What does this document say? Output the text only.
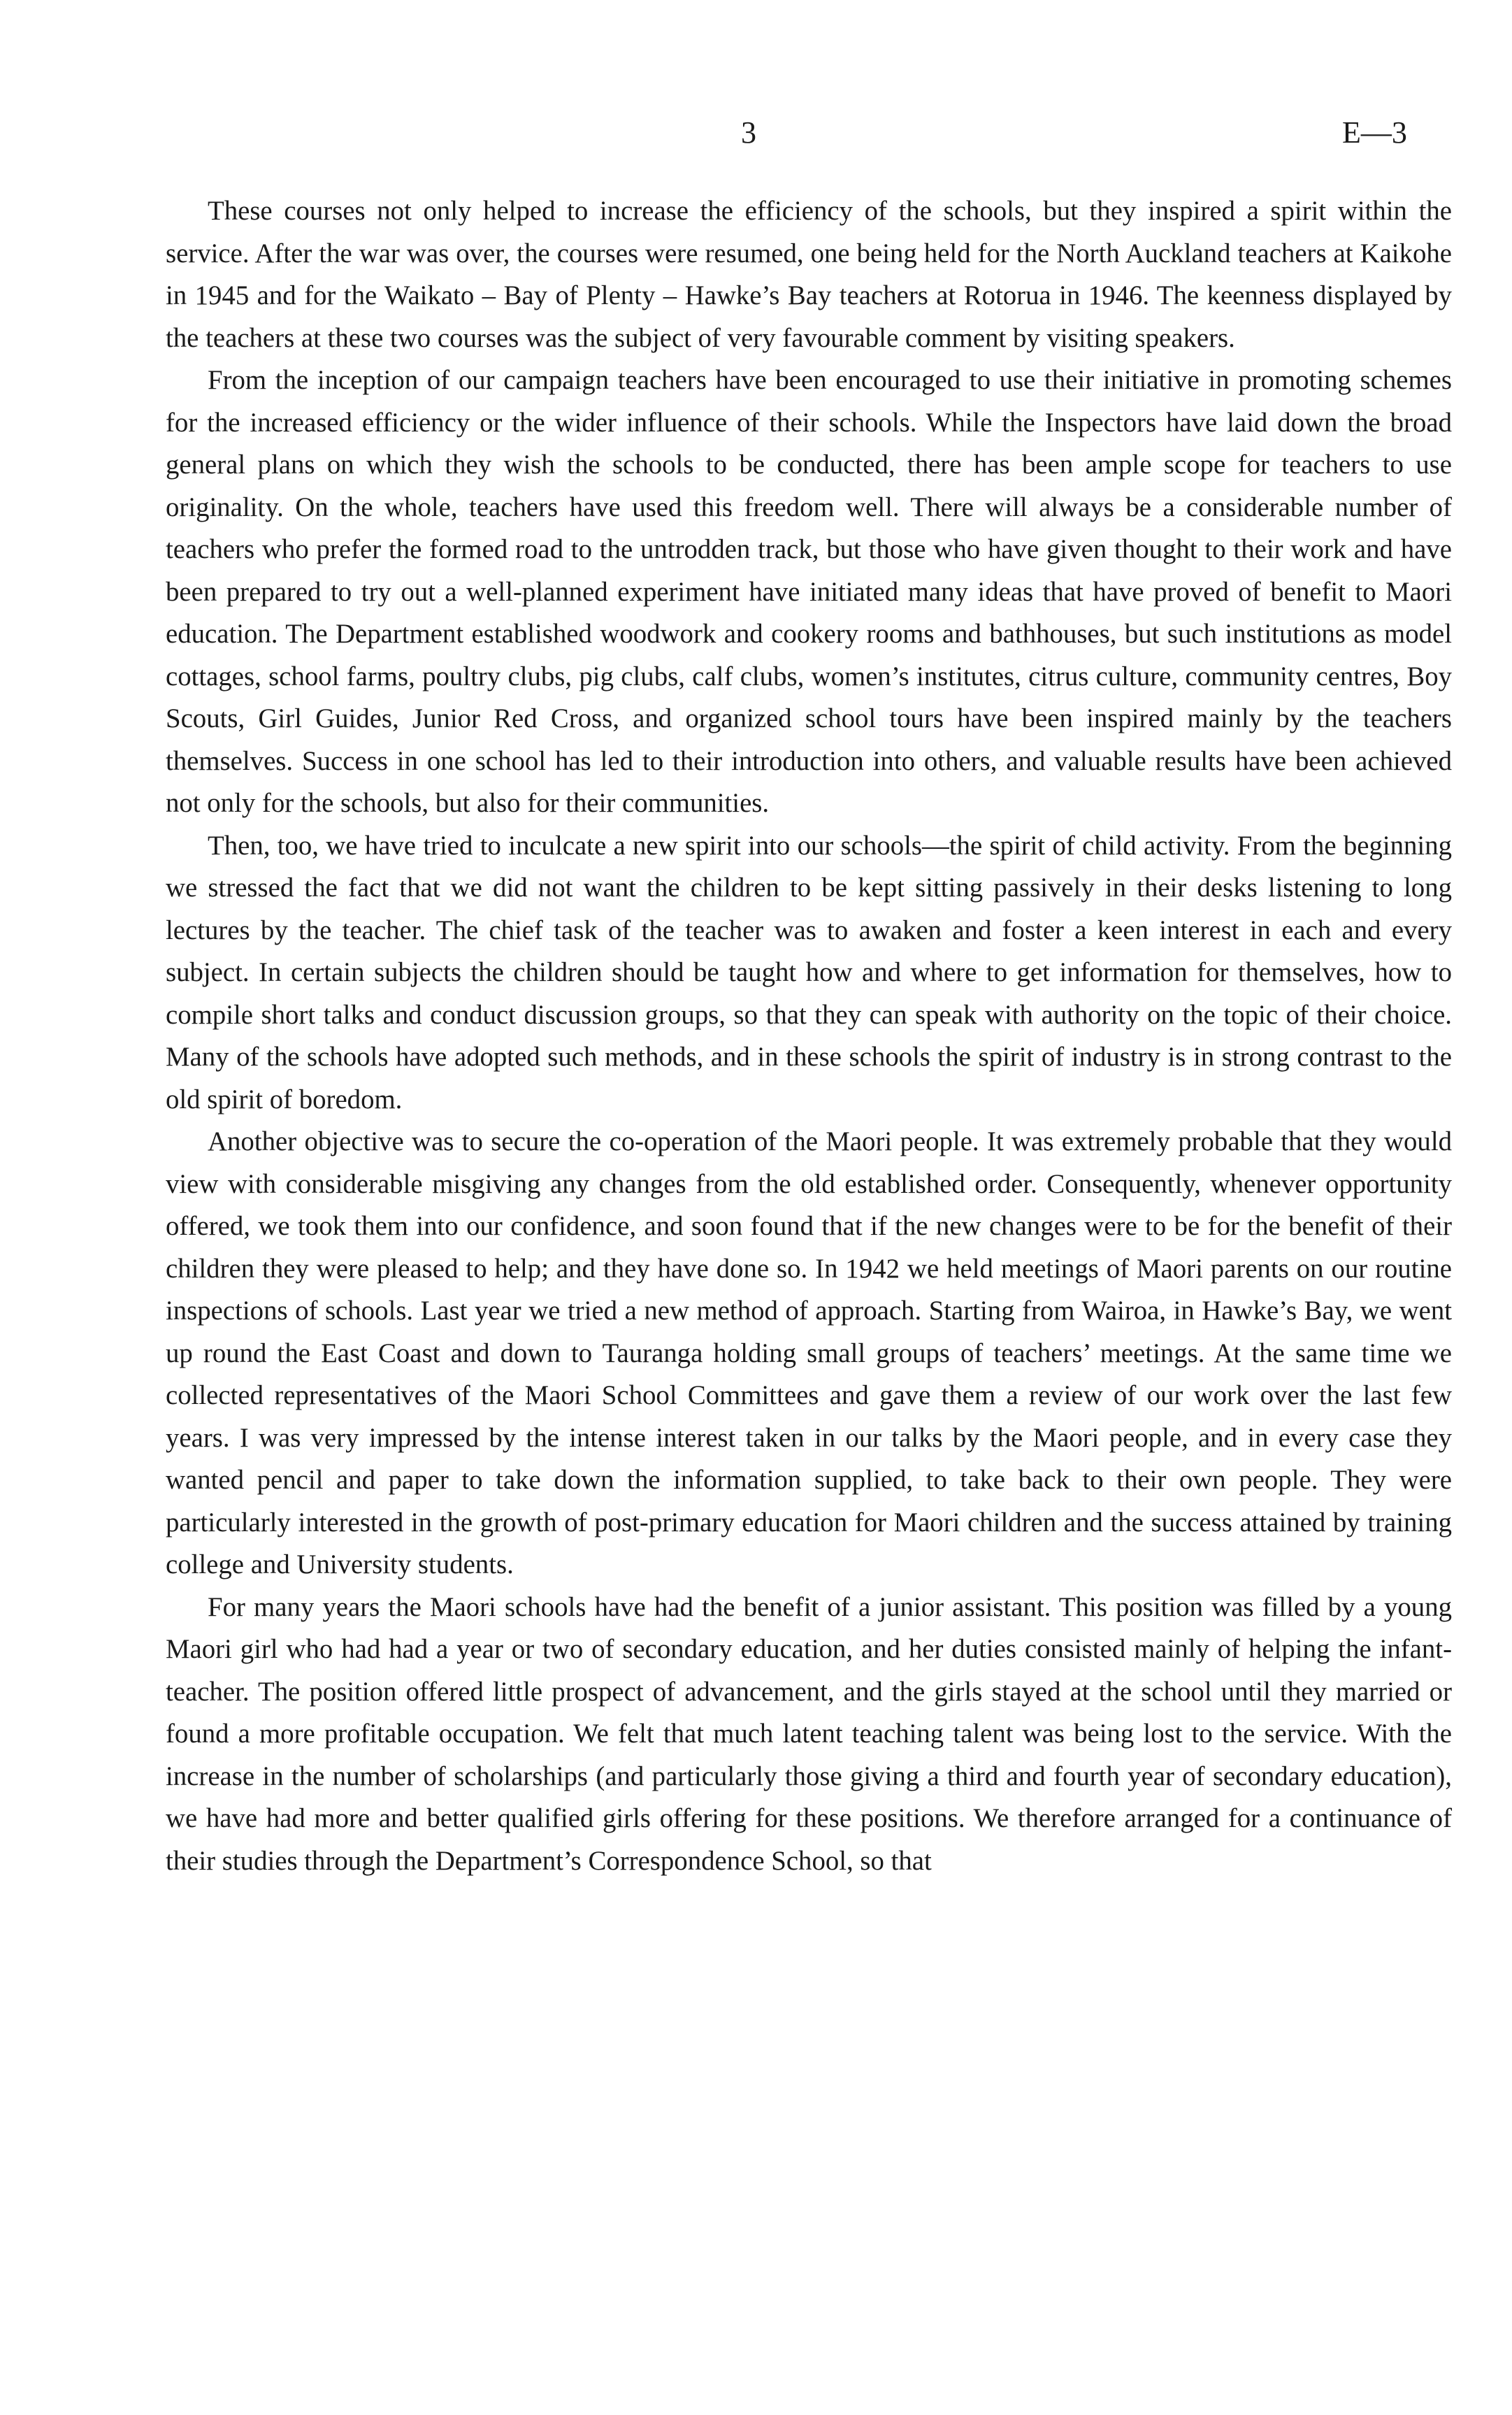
3	E—3

These courses not only helped to increase the efficiency of the schools, but they inspired a spirit within the service. After the war was over, the courses were resumed, one being held for the North Auckland teachers at Kaikohe in 1945 and for the Waikato – Bay of Plenty – Hawke’s Bay teachers at Rotorua in 1946. The keenness displayed by the teachers at these two courses was the subject of very favourable comment by visiting speakers.

From the inception of our campaign teachers have been encouraged to use their initiative in promoting schemes for the increased efficiency or the wider influence of their schools. While the Inspectors have laid down the broad general plans on which they wish the schools to be conducted, there has been ample scope for teachers to use originality. On the whole, teachers have used this freedom well. There will always be a considerable number of teachers who prefer the formed road to the untrodden track, but those who have given thought to their work and have been prepared to try out a well-planned experiment have initiated many ideas that have proved of benefit to Maori education. The Department established woodwork and cookery rooms and bathhouses, but such institutions as model cottages, school farms, poultry clubs, pig clubs, calf clubs, women’s institutes, citrus culture, community centres, Boy Scouts, Girl Guides, Junior Red Cross, and organized school tours have been inspired mainly by the teachers themselves. Success in one school has led to their introduction into others, and valuable results have been achieved not only for the schools, but also for their communities.

Then, too, we have tried to inculcate a new spirit into our schools—the spirit of child activity. From the beginning we stressed the fact that we did not want the children to be kept sitting passively in their desks listening to long lectures by the teacher. The chief task of the teacher was to awaken and foster a keen interest in each and every subject. In certain subjects the children should be taught how and where to get information for themselves, how to compile short talks and conduct discussion groups, so that they can speak with authority on the topic of their choice. Many of the schools have adopted such methods, and in these schools the spirit of industry is in strong contrast to the old spirit of boredom.

Another objective was to secure the co-operation of the Maori people. It was extremely probable that they would view with considerable misgiving any changes from the old established order. Consequently, whenever opportunity offered, we took them into our confidence, and soon found that if the new changes were to be for the benefit of their children they were pleased to help; and they have done so. In 1942 we held meetings of Maori parents on our routine inspections of schools. Last year we tried a new method of approach. Starting from Wairoa, in Hawke’s Bay, we went up round the East Coast and down to Tauranga holding small groups of teachers’ meetings. At the same time we collected representatives of the Maori School Committees and gave them a review of our work over the last few years. I was very impressed by the intense interest taken in our talks by the Maori people, and in every case they wanted pencil and paper to take down the information supplied, to take back to their own people. They were particularly interested in the growth of post-primary education for Maori children and the success attained by training college and University students.

For many years the Maori schools have had the benefit of a junior assistant. This position was filled by a young Maori girl who had had a year or two of secondary education, and her duties consisted mainly of helping the infant-teacher. The position offered little prospect of advancement, and the girls stayed at the school until they married or found a more profitable occupation. We felt that much latent teaching talent was being lost to the service. With the increase in the number of scholarships (and particularly those giving a third and fourth year of secondary education), we have had more and better qualified girls offering for these positions. We therefore arranged for a continuance of their studies through the Department’s Correspondence School, so that
